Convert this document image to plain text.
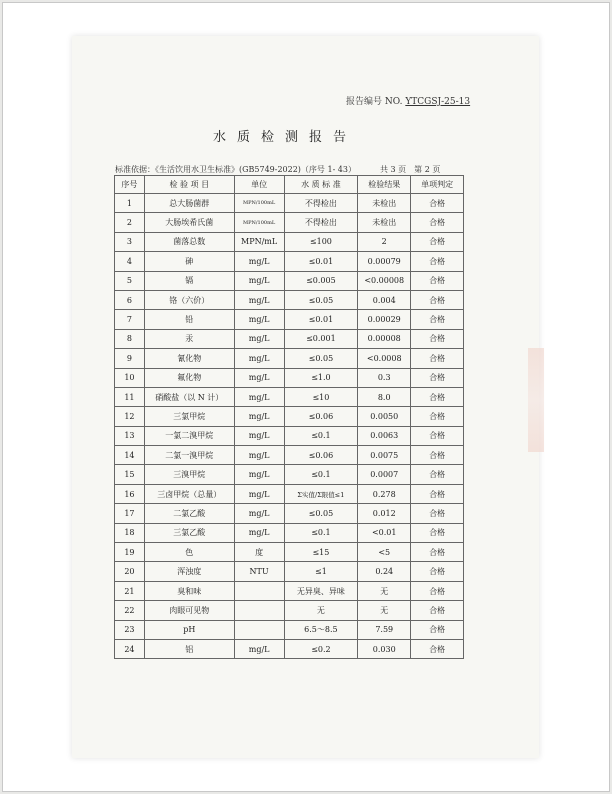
报告编号 NO. YTCGSJ-25-13
水质检测报告
标准依据：《生活饮用水卫生标准》(GB5749-2022)（序号 1- 43）	共 3 页　第 2 页
序号	检 验 项 目	单位	水 质 标 准	检验结果	单项判定
1	总大肠菌群	MPN/100mL	不得检出	未检出	合格
2	大肠埃希氏菌	MPN/100mL	不得检出	未检出	合格
3	菌落总数	MPN/mL	≤100	2	合格
4	砷	mg/L	≤0.01	0.00079	合格
5	镉	mg/L	≤0.005	<0.00008	合格
6	铬（六价）	mg/L	≤0.05	0.004	合格
7	铅	mg/L	≤0.01	0.00029	合格
8	汞	mg/L	≤0.001	0.00008	合格
9	氰化物	mg/L	≤0.05	<0.0008	合格
10	氟化物	mg/L	≤1.0	0.3	合格
11	硝酸盐（以 N 计）	mg/L	≤10	8.0	合格
12	三氯甲烷	mg/L	≤0.06	0.0050	合格
13	一氯二溴甲烷	mg/L	≤0.1	0.0063	合格
14	二氯一溴甲烷	mg/L	≤0.06	0.0075	合格
15	三溴甲烷	mg/L	≤0.1	0.0007	合格
16	三卤甲烷（总量）	mg/L	Σ实值/Σ限值≤1	0.278	合格
17	二氯乙酸	mg/L	≤0.05	0.012	合格
18	三氯乙酸	mg/L	≤0.1	<0.01	合格
19	色	度	≤15	<5	合格
20	浑浊度	NTU	≤1	0.24	合格
21	臭和味		无异臭、异味	无	合格
22	肉眼可见物		无	无	合格
23	pH		6.5～8.5	7.59	合格
24	铝	mg/L	≤0.2	0.030	合格
